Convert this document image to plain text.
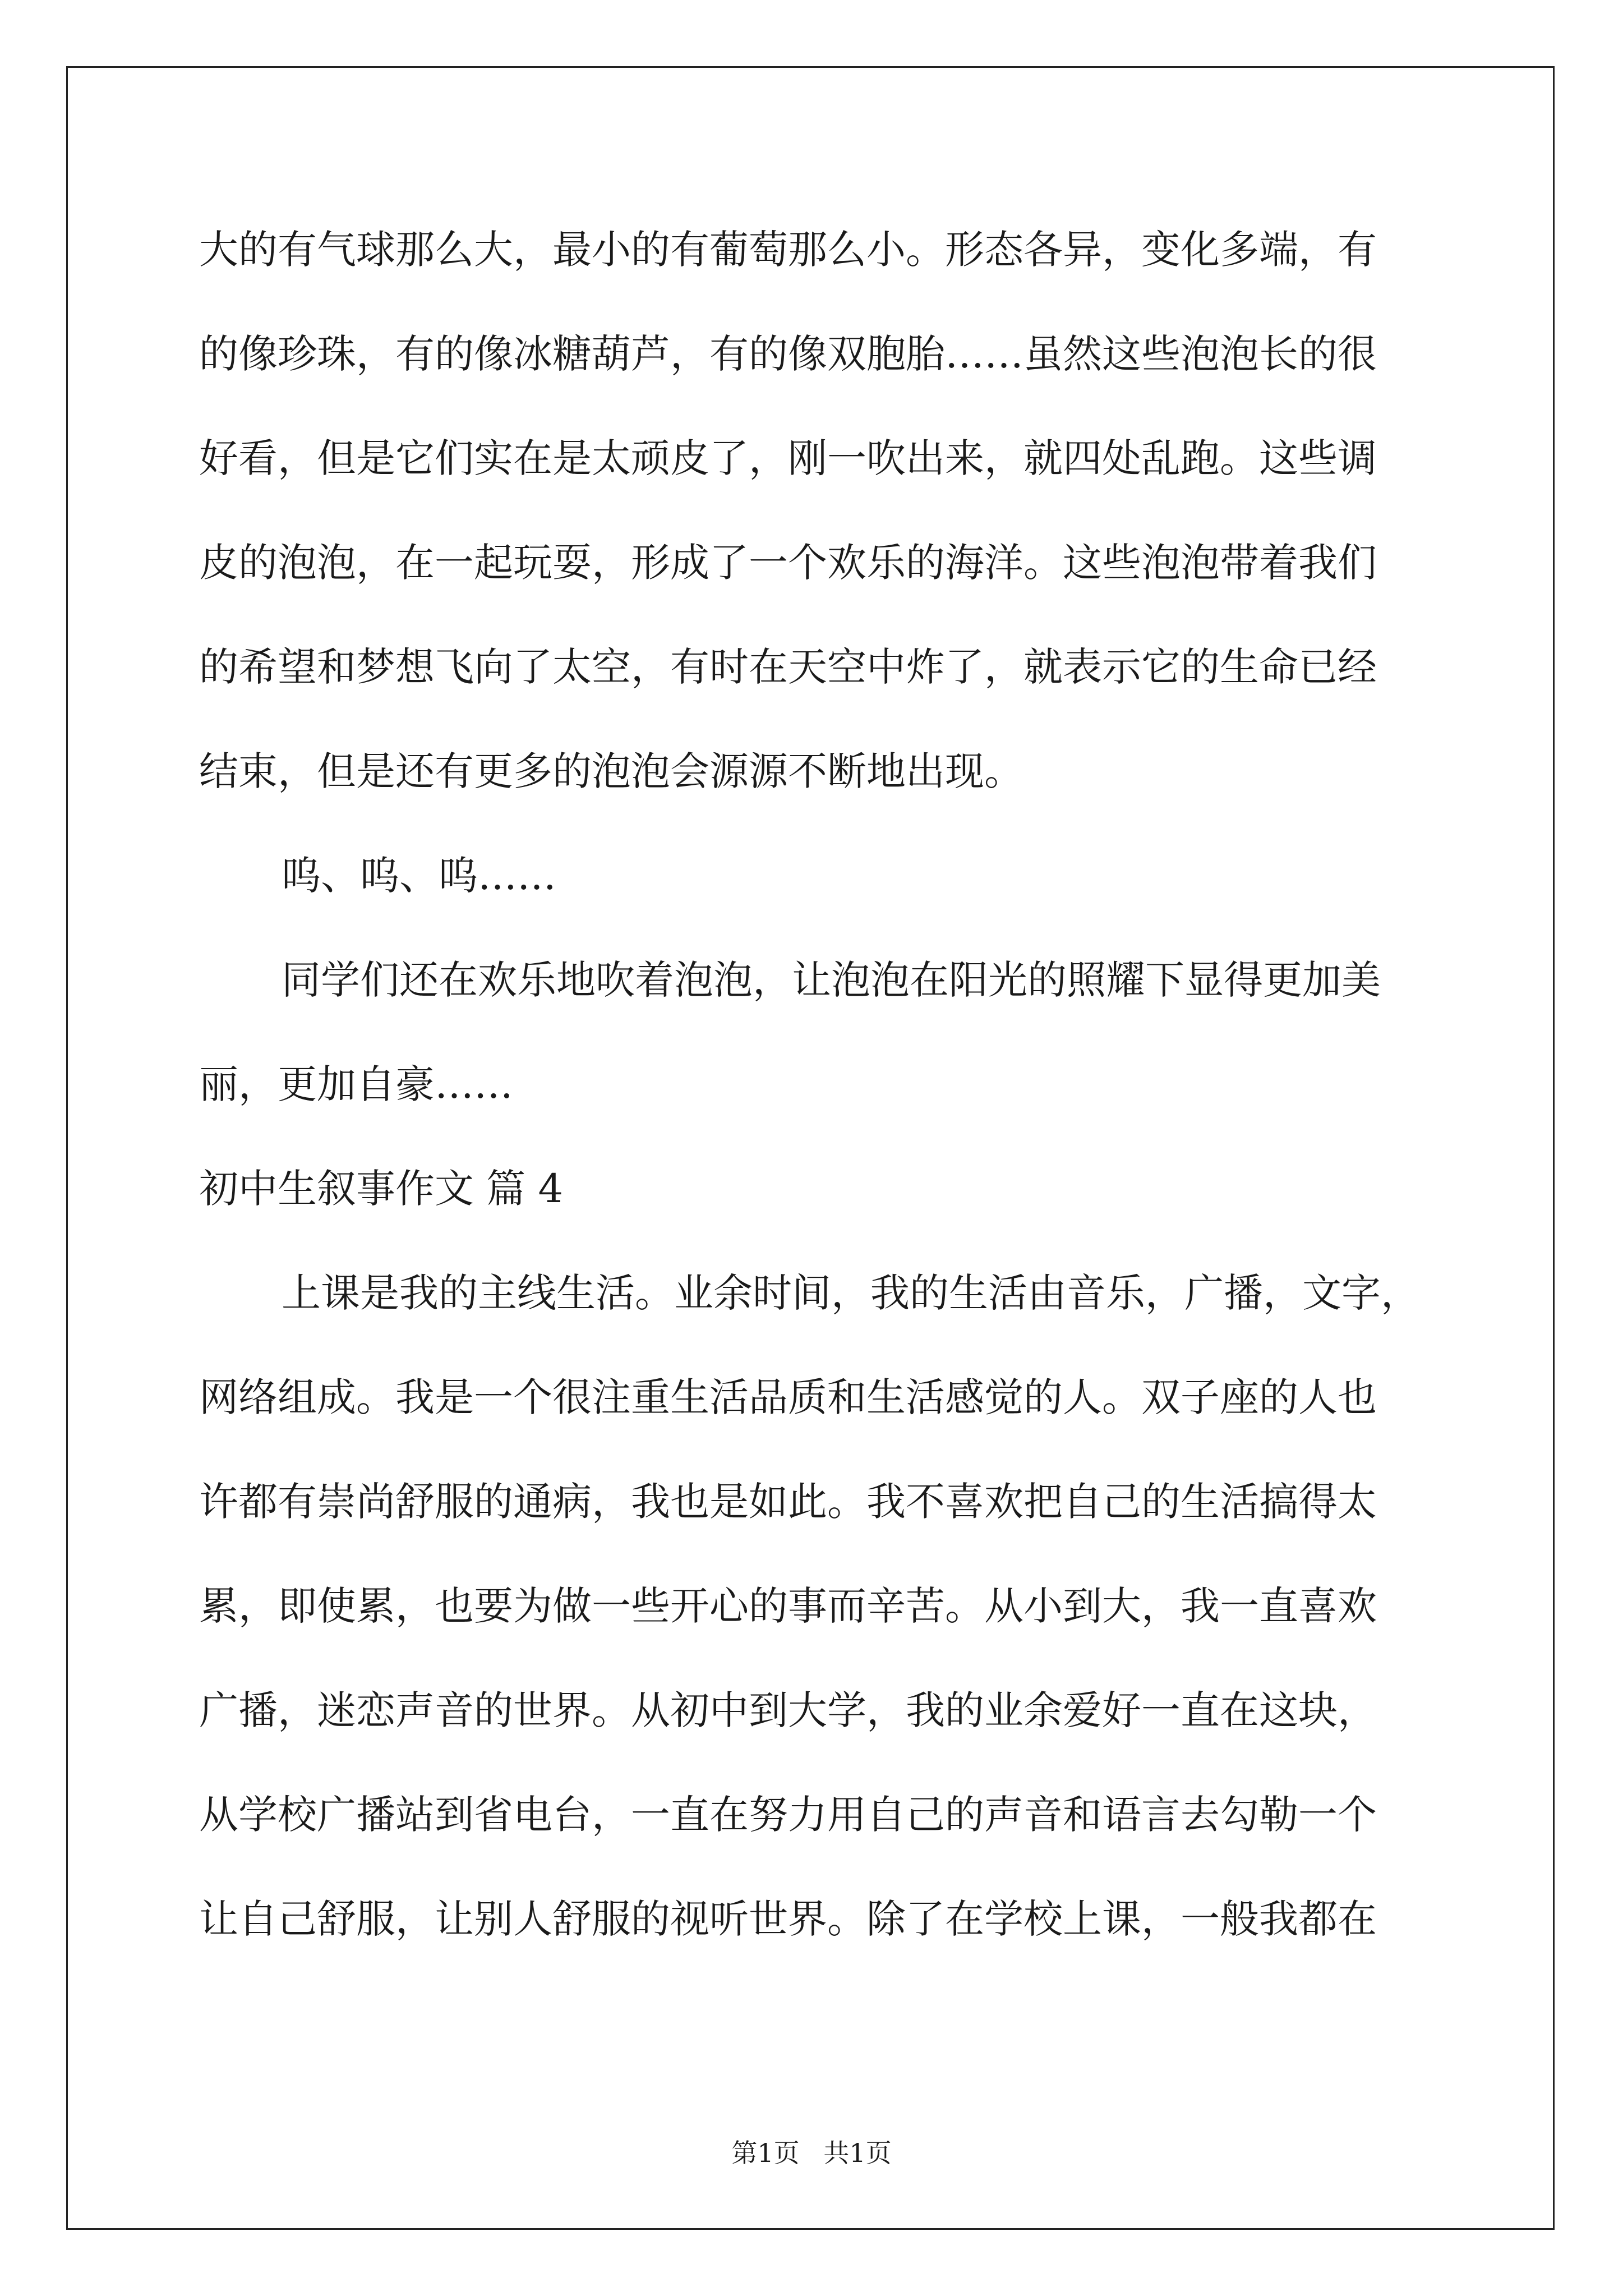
大的有气球那么大，最小的有葡萄那么小。形态各异，变化多端，有
的像珍珠，有的像冰糖葫芦，有的像双胞胎……虽然这些泡泡长的很
好看，但是它们实在是太顽皮了，刚一吹出来，就四处乱跑。这些调
皮的泡泡，在一起玩耍，形成了一个欢乐的海洋。这些泡泡带着我们
的希望和梦想飞向了太空，有时在天空中炸了，就表示它的生命已经
结束，但是还有更多的泡泡会源源不断地出现。
呜、呜、呜……
同学们还在欢乐地吹着泡泡，让泡泡在阳光的照耀下显得更加美
丽，更加自豪……
初中生叙事作文 篇 4
上课是我的主线生活。业余时间，我的生活由音乐，广播，文字，
网络组成。我是一个很注重生活品质和生活感觉的人。双子座的人也
许都有崇尚舒服的通病，我也是如此。我不喜欢把自己的生活搞得太
累，即使累，也要为做一些开心的事而辛苦。从小到大，我一直喜欢
广播，迷恋声音的世界。从初中到大学，我的业余爱好一直在这块，
从学校广播站到省电台，一直在努力用自己的声音和语言去勾勒一个
让自己舒服，让别人舒服的视听世界。除了在学校上课，一般我都在
第1页 共1页
